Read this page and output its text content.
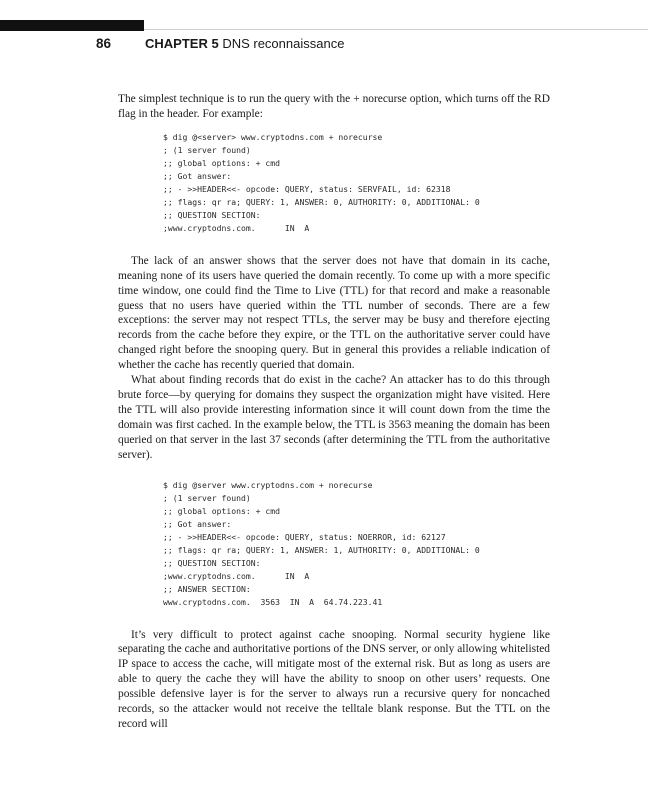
86	CHAPTER 5 DNS reconnaissance

The simplest technique is to run the query with the + norecurse option, which turns off the RD flag in the header. For example:

$ dig @<server> www.cryptodns.com + norecurse
; (1 server found)
;; global options: + cmd
;; Got answer:
;; - >>HEADER<<- opcode: QUERY, status: SERVFAIL, id: 62318
;; flags: qr ra; QUERY: 1, ANSWER: 0, AUTHORITY: 0, ADDITIONAL: 0
;; QUESTION SECTION:
;www.cryptodns.com.      IN  A

The lack of an answer shows that the server does not have that domain in its cache, meaning none of its users have queried the domain recently. To come up with a more specific time window, one could find the Time to Live (TTL) for that record and make a reasonable guess that no users have queried within the TTL number of seconds. There are a few exceptions: the server may not respect TTLs, the server may be busy and therefore ejecting records from the cache before they expire, or the TTL on the authoritative server could have changed right before the snooping query. But in general this provides a reliable indication of whether the cache has recently queried that domain.

What about finding records that do exist in the cache? An attacker has to do this through brute force—by querying for domains they suspect the organization might have visited. Here the TTL will also provide interesting information since it will count down from the time the domain was first cached. In the example below, the TTL is 3563 meaning the domain has been queried on that server in the last 37 seconds (after determining the TTL from the authoritative server).

$ dig @server www.cryptodns.com + norecurse
; (1 server found)
;; global options: + cmd
;; Got answer:
;; - >>HEADER<<- opcode: QUERY, status: NOERROR, id: 62127
;; flags: qr ra; QUERY: 1, ANSWER: 1, AUTHORITY: 0, ADDITIONAL: 0
;; QUESTION SECTION:
;www.cryptodns.com.      IN  A
;; ANSWER SECTION:
www.cryptodns.com.  3563  IN  A  64.74.223.41

It’s very difficult to protect against cache snooping. Normal security hygiene like separating the cache and authoritative portions of the DNS server, or only allowing whitelisted IP space to access the cache, will mitigate most of the external risk. But as long as users are able to query the cache they will have the ability to snoop on other users’ requests. One possible defensive layer is for the server to always run a recursive query for noncached records, so the attacker would not receive the telltale blank response. But the TTL on the record will
